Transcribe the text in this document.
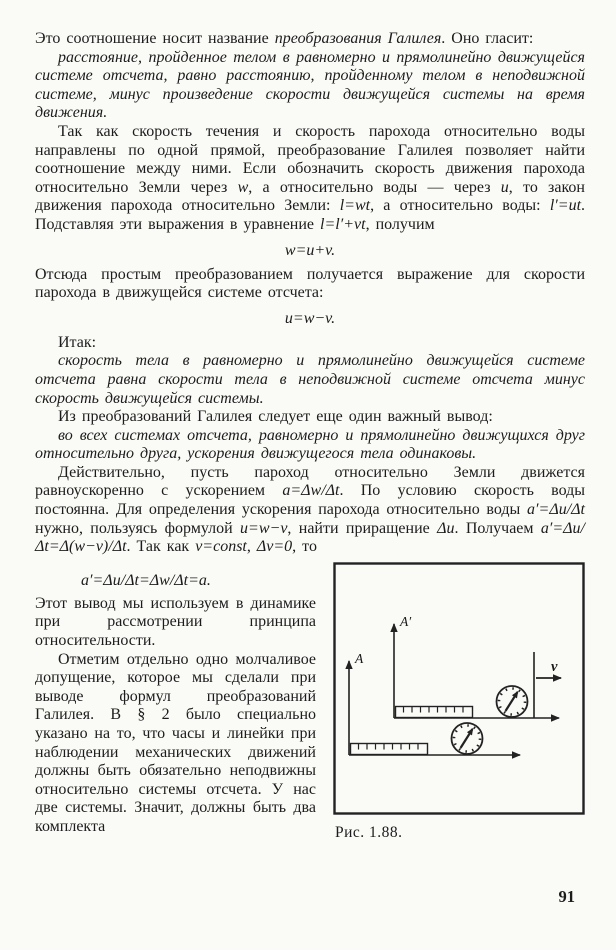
Это соотношение носит название преобразования Галилея. Оно гласит:

расстояние, пройденное телом в равномерно и прямолинейно движущейся системе отсчета, равно расстоянию, пройденному телом в неподвижной системе, минус произведение скорости движущейся системы на время движения.

Так как скорость течения и скорость парохода относительно воды направлены по одной прямой, преобразование Галилея позволяет найти соотношение между ними. Если обозначить скорость движения парохода относительно Земли через w, а относительно воды — через u, то закон движения парохода относительно Земли: l=wt, а относительно воды: l′=ut. Подставляя эти выражения в уравнение l=l′+vt, получим

w=u+v.

Отсюда простым преобразованием получается выражение для скорости парохода в движущейся системе отсчета:

u=w−v.

Итак:

скорость тела в равномерно и прямолинейно движущейся системе отсчета равна скорости тела в неподвижной системе отсчета минус скорость движущейся системы.

Из преобразований Галилея следует еще один важный вывод:

во всех системах отсчета, равномерно и прямолинейно движущихся друг относительно друга, ускорения движущегося тела одинаковы.

Действительно, пусть пароход относительно Земли движется равноускоренно с ускорением a=Δw/Δt. По условию скорость воды постоянна. Для определения ускорения парохода относительно воды a′=Δu/Δt нужно, пользуясь формулой u=w−v, найти приращение Δu. Получаем a′=Δu/Δt=Δ(w−v)/Δt. Так как v=const, Δv=0, то

a′=Δu/Δt=Δw/Δt=a.

Этот вывод мы используем в динамике при рассмотрении принципа относительности.

Отметим отдельно одно молчаливое допущение, которое мы сделали при выводе формул преобразований Галилея. В § 2 было специально указано на то, что часы и линейки при наблюдении механических движений должны быть обязательно неподвижны относительно системы отсчета. У нас две системы. Значит, должны быть два комплекта

A′
v
A
Рис. 1.88.
91
